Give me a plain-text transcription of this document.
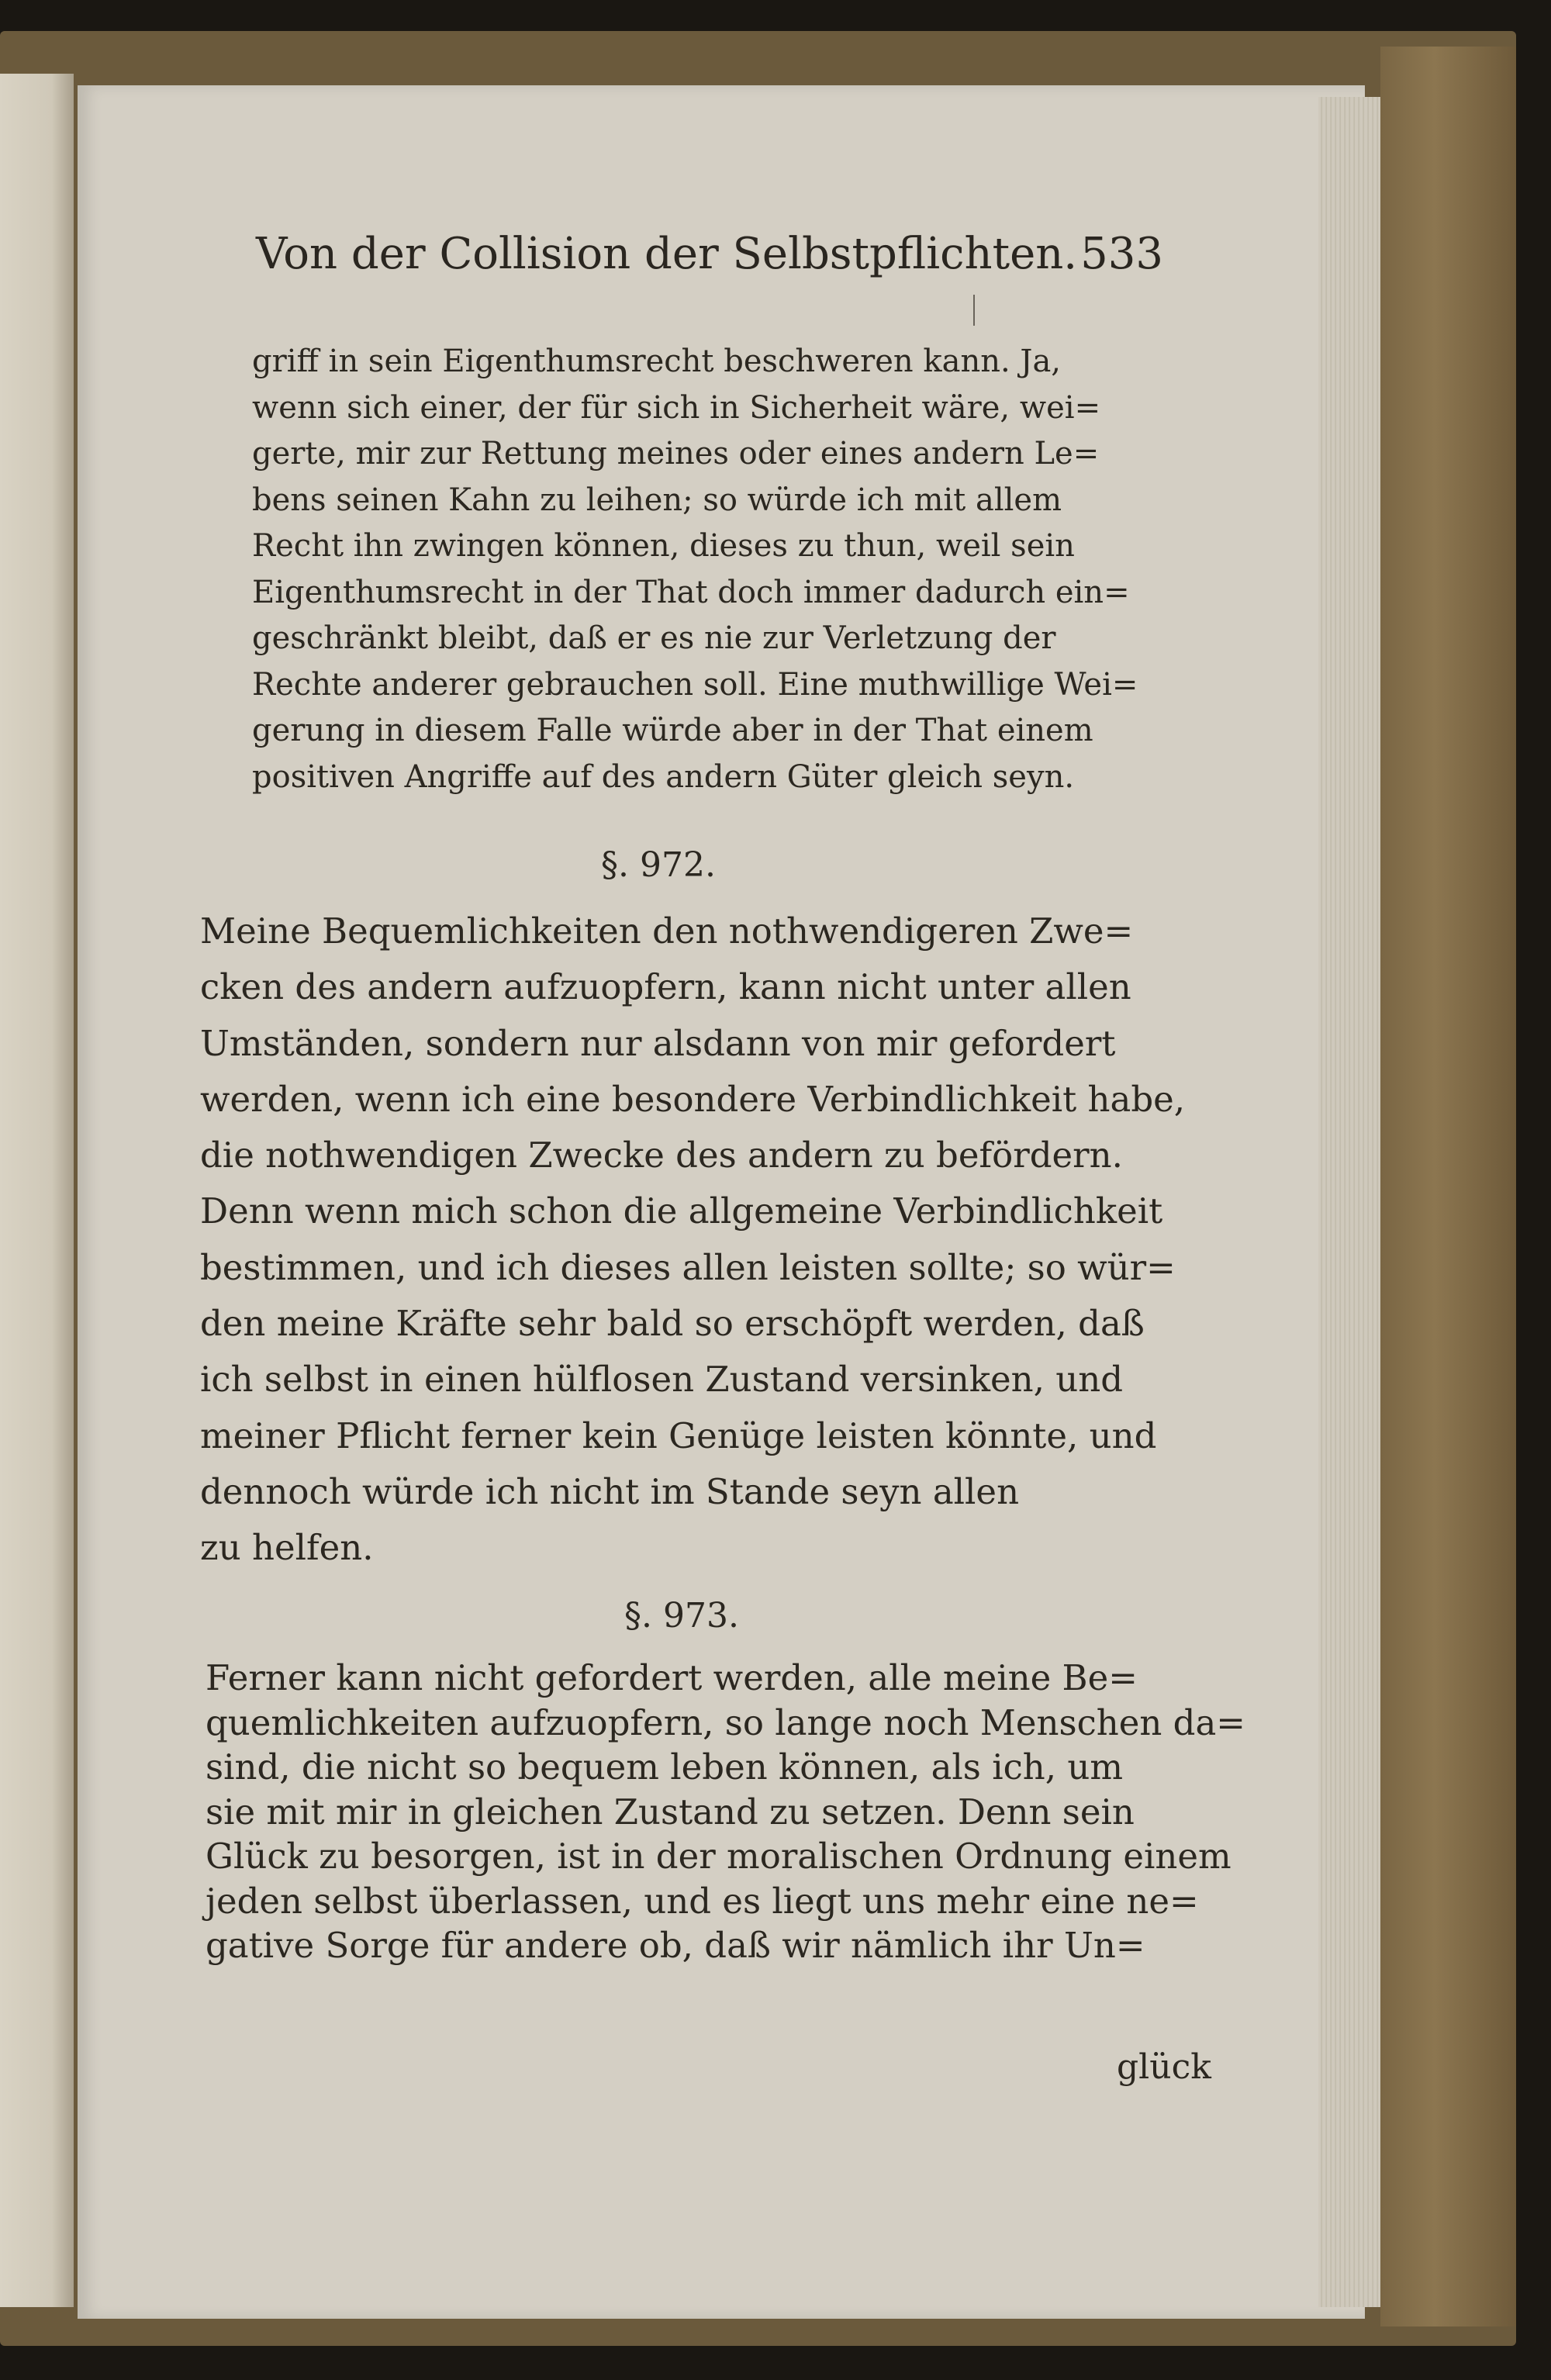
Von der Collision der Selbstpflichten. 533
griff in sein Eigenthumsrecht beschweren kann. Ja,
wenn sich einer, der für sich in Sicherheit wäre, wei=
gerte, mir zur Rettung meines oder eines andern Le=
bens seinen Kahn zu leihen; so würde ich mit allem
Recht ihn zwingen können, dieses zu thun, weil sein
Eigenthumsrecht in der That doch immer dadurch ein=
geschränkt bleibt, daß er es nie zur Verletzung der
Rechte anderer gebrauchen soll. Eine muthwillige Wei=
gerung in diesem Falle würde aber in der That einem
positiven Angriffe auf des andern Güter gleich seyn.
§. 972.
Meine Bequemlichkeiten den nothwendigeren Zwe=
cken des andern aufzuopfern, kann nicht unter allen
Umständen, sondern nur alsdann von mir gefordert
werden, wenn ich eine besondere Verbindlichkeit habe,
die nothwendigen Zwecke des andern zu befördern.
Denn wenn mich schon die allgemeine Verbindlichkeit
bestimmen, und ich dieses allen leisten sollte; so wür=
den meine Kräfte sehr bald so erschöpft werden, daß
ich selbst in einen hülflosen Zustand versinken, und
meiner Pflicht ferner kein Genüge leisten könnte, und
dennoch würde ich nicht im Stande seyn allen
zu helfen.
§. 973.
Ferner kann nicht gefordert werden, alle meine Be=
quemlichkeiten aufzuopfern, so lange noch Menschen da=
sind, die nicht so bequem leben können, als ich, um
sie mit mir in gleichen Zustand zu setzen. Denn sein
Glück zu besorgen, ist in der moralischen Ordnung einem
jeden selbst überlassen, und es liegt uns mehr eine ne=
gative Sorge für andere ob, daß wir nämlich ihr Un=
glück
